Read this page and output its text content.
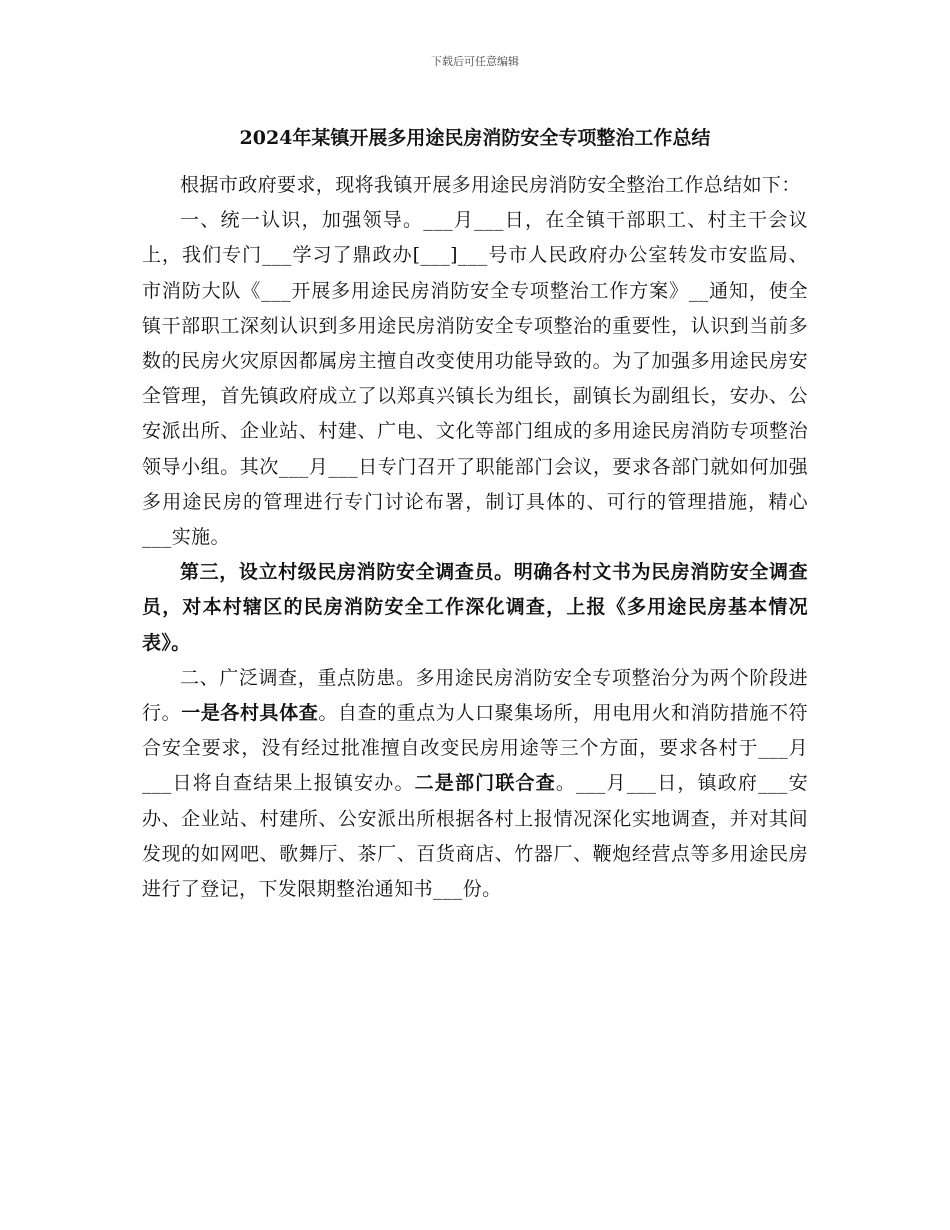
下载后可任意编辑
2024年某镇开展多用途民房消防安全专项整治工作总结

根据市政府要求，现将我镇开展多用途民房消防安全整治工作总结如下：

一、统一认识，加强领导。___月___日，在全镇干部职工、村主干会议上，我们专门___学习了鼎政办[___]___号市人民政府办公室转发市安监局、市消防大队《___开展多用途民房消防安全专项整治工作方案》__通知，使全镇干部职工深刻认识到多用途民房消防安全专项整治的重要性，认识到当前多数的民房火灾原因都属房主擅自改变使用功能导致的。为了加强多用途民房安全管理，首先镇政府成立了以郑真兴镇长为组长，副镇长为副组长，安办、公安派出所、企业站、村建、广电、文化等部门组成的多用途民房消防专项整治领导小组。其次___月___日专门召开了职能部门会议，要求各部门就如何加强多用途民房的管理进行专门讨论布署，制订具体的、可行的管理措施，精心___实施。

第三，设立村级民房消防安全调查员。明确各村文书为民房消防安全调查员，对本村辖区的民房消防安全工作深化调查，上报《多用途民房基本情况表》。

二、广泛调查，重点防患。多用途民房消防安全专项整治分为两个阶段进行。一是各村具体查。自查的重点为人口聚集场所，用电用火和消防措施不符合安全要求，没有经过批准擅自改变民房用途等三个方面，要求各村于___月___日将自查结果上报镇安办。二是部门联合查。___月___日，镇政府___安办、企业站、村建所、公安派出所根据各村上报情况深化实地调查，并对其间发现的如网吧、歌舞厅、茶厂、百货商店、竹器厂、鞭炮经营点等多用途民房进行了登记，下发限期整治通知书___份。
